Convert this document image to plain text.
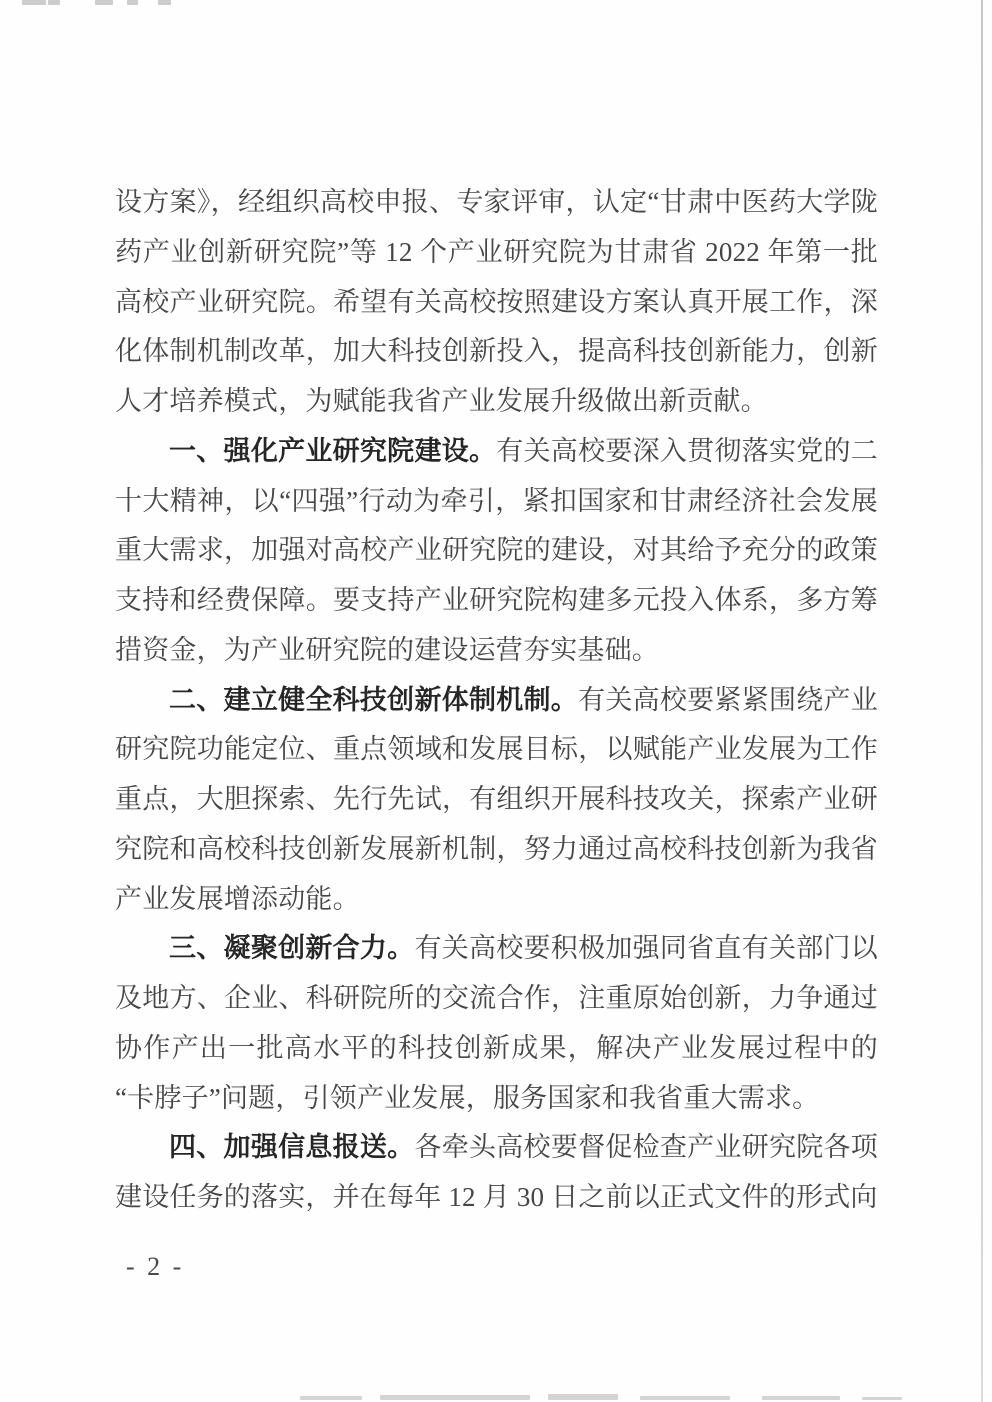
设方案》，经组织高校申报、专家评审，认定“甘肃中医药大学陇药产业创新研究院”等 12 个产业研究院为甘肃省 2022 年第一批高校产业研究院。希望有关高校按照建设方案认真开展工作，深化体制机制改革，加大科技创新投入，提高科技创新能力，创新人才培养模式，为赋能我省产业发展升级做出新贡献。

一、强化产业研究院建设。有关高校要深入贯彻落实党的二十大精神，以“四强”行动为牵引，紧扣国家和甘肃经济社会发展重大需求，加强对高校产业研究院的建设，对其给予充分的政策支持和经费保障。要支持产业研究院构建多元投入体系，多方筹措资金，为产业研究院的建设运营夯实基础。

二、建立健全科技创新体制机制。有关高校要紧紧围绕产业研究院功能定位、重点领域和发展目标，以赋能产业发展为工作重点，大胆探索、先行先试，有组织开展科技攻关，探索产业研究院和高校科技创新发展新机制，努力通过高校科技创新为我省产业发展增添动能。

三、凝聚创新合力。有关高校要积极加强同省直有关部门以及地方、企业、科研院所的交流合作，注重原始创新，力争通过协作产出一批高水平的科技创新成果，解决产业发展过程中的“卡脖子”问题，引领产业发展，服务国家和我省重大需求。

四、加强信息报送。各牵头高校要督促检查产业研究院各项建设任务的落实，并在每年 12 月 30 日之前以正式文件的形式向

- 2 -
